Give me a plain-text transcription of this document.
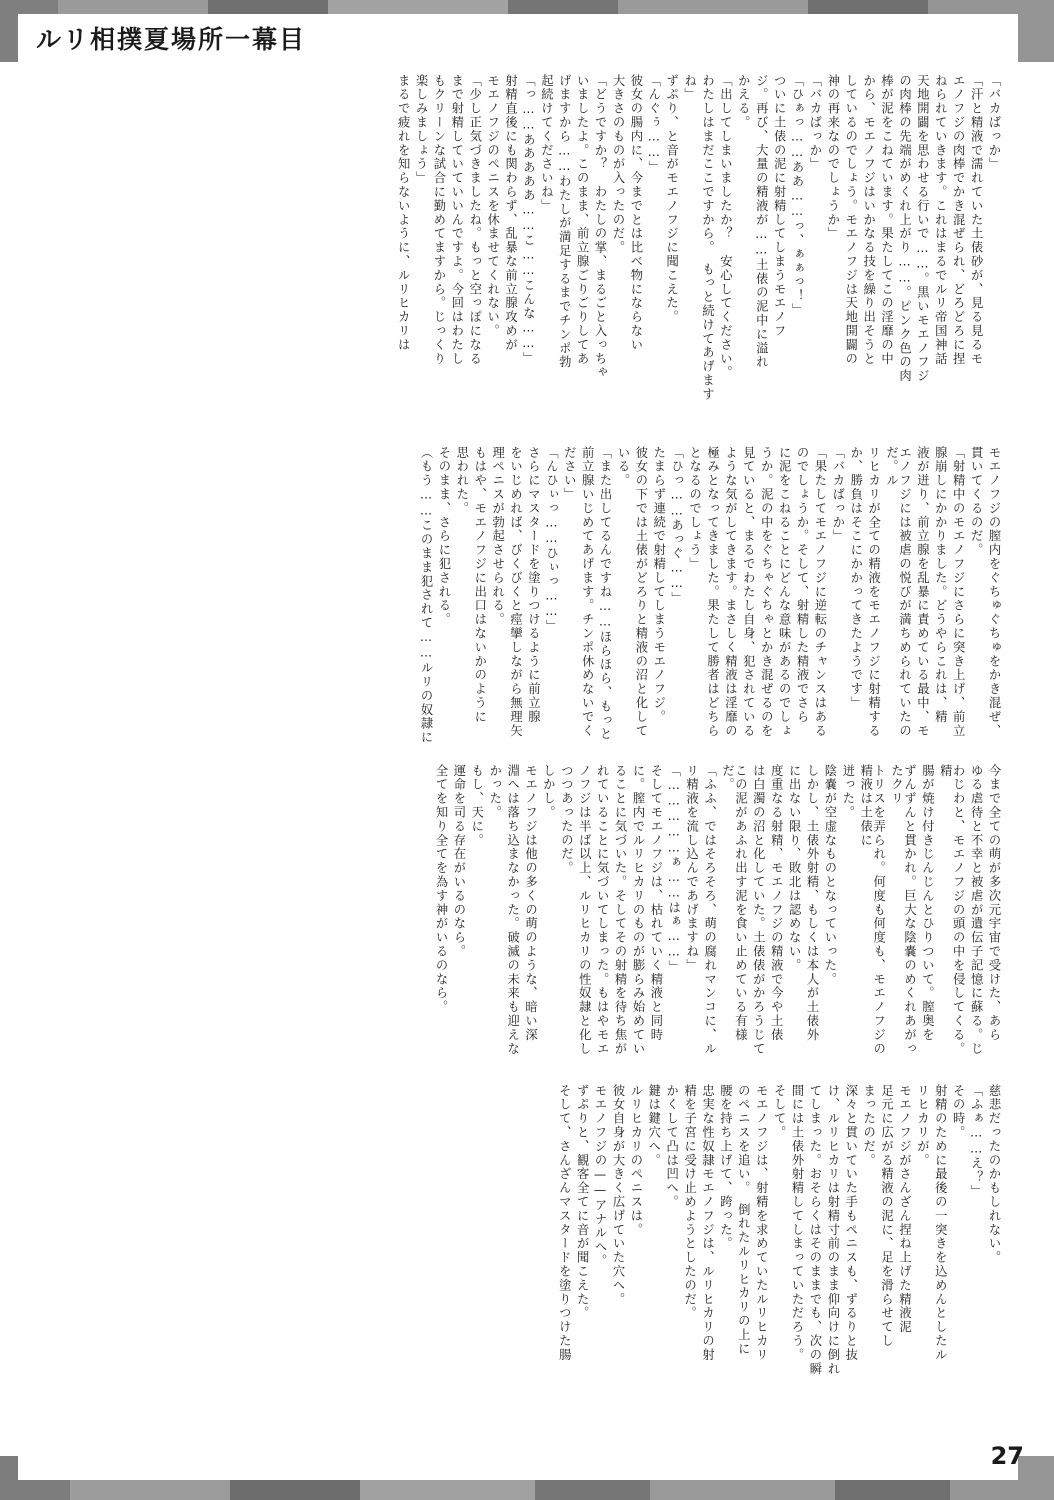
ルリ相撲夏場所一幕目
「バカばっか」
「汗と精液で濡れていた土俵砂が、見る見るモ
エノフジの肉棒でかき混ぜられ、どろどろに捏
ねられていきます。これはまるでルリ帝国神話
天地開闢を思わせる行いで……。黒いモエノフジ
の肉棒の先端がめくれ上がり……。ピンク色の肉
棒が泥をこねています。果たしてこの淫靡の中
から、モエノフジはいかなる技を繰り出そうと
しているのでしょう。モエノフジは天地開闢の
神の再来なのでしょうか」
「バカばっか」
「ひぁっ……ああ……っ、ぁぁっ！」
ついに土俵の泥に射精してしまうモエノフ
ジ。再び、大量の精液が……土俵の泥中に溢れ
かえる。
「出してしまいましたか？　安心してください。
わたしはまだここですから。　もっと続けてあげます
ね」
ずぷり、と音がモエノフジに聞こえた。
「んぐぅ……」
彼女の腸内に、今までとは比べ物にならない
大きさのものが入ったのだ。
「どうですか？　わたしの掌、まるごと入っちゃ
いましたよ。このまま、前立腺ごりごりしてあ
げますから……わたしが満足するまでチンポ勃
起続けてくださいね」
「っ……あああああ……こ……こんな……」
射精直後にも関わらず、乱暴な前立腺攻めが
モエノフジのペニスを休ませてくれない。
「少し正気づきましたね。もっと空っぽになる
まで射精していていいんですよ。今回はわたし
もクリーンな試合に勤めてますから。じっくり
楽しみましょう」
まるで疲れを知らないように、ルリヒカリは
モエノフジの膣内をぐちゅぐちゅをかき混ぜ、
貫いてくるのだ。
「射精中のモエノフジにさらに突き上げ、前立
腺崩しにかかりました。どうやらこれは、精
液が迸り、前立腺を乱暴に責めている最中、モ
エノフジには被虐の悦びが満ちめられていたのだ。ル
リヒカリが全ての精液をモエノフジに射精する
か、勝負はそこにかかってきたようです」
「バカばっか」
「果たしてモエノフジに逆転のチャンスはある
のでしょうか。そして、射精した精液でさら
に泥をこねることにどんな意味があるのでしょ
うか。泥の中をぐちゃぐちゃとかき混ぜるのを
見ていると、まるでわたし自身、犯されている
ような気がしてきます。まさしく精液は淫靡の
極みとなってきました。果たして勝者はどちら
となるのでしょう」
「ひっ……あっぐ……」
たまらず連続で射精してしまうモエノフジ。
彼女の下では土俵がどろりと精液の沼と化して
いる。
「また出してるんですね……ほらほら、もっと
前立腺いじめてあげます。チンポ休めないでく
ださい」
「んひぃっ……ひぃっ……」
さらにマスタードを塗りつけるように前立腺
をいじめれば、びくびくと痙攣しながら無理矢
理ペニスが勃起させられる。
もはや、モエノフジに出口はないかのように
思われた。
そのまま、さらに犯される。
（もう……このまま犯されて……ルリの奴隷に
今まで全ての萌が多次元宇宙で受けた、あら
ゆる虐待と不幸と被虐が遺伝子記憶に蘇る。じ
わじわと、モエノフジの頭の中を侵してくる。精
腸が焼け付きじんじんとひりついて。膣奥を
ずんずんと貫かれ。巨大な陰嚢のめくれあがったクリ
トリスを弄られ。何度も何度も、モエノフジの精液は土俵に
迸った。
陰嚢が空虚なものとなっていった。
しかし、土俵外射精、もしくは本人が土俵外
に出ない限り、敗北は認めない。
度重なる射精、モエノフジの精液で今や土俵
は白濁の沼と化していた。土俵俵がかろうじて
この泥があふれ出す泥を食い止めている有様だ。
「ふふ、ではそろそろ、萌の腐れマンコに、ル
リ精液を流し込んであげますね」
「……………ぁ……はぁ……」
そしてモエノフジは、枯れていく精液と同時
に。膣内でルリヒカリのものが膨らみ始めてい
ることに気づいた。そしてその射精を待ち焦が
れていることに気づいてしまった。もはやモエ
ノフジは半ば以上、ルリヒカリの性奴隷と化し
つつあったのだ。
しかし。
モエノフジは他の多くの萌のような、暗い深
淵へは落ち込まなかった。破滅の未来も迎えな
かった。
もし、天に。
運命を司る存在がいるのなら。
全てを知り全てを為す神がいるのなら。
慈悲だったのかもしれない。
「ふぁ……え？」
その時。
射精のために最後の一突きを込めんとしたル
リヒカリが。
モエノフジがさんざん捏ね上げた精液泥
足元に広がる精液の泥に、足を滑らせてし
まったのだ。
深々と貫いていた手もペニスも、ずるりと抜
け、ルリヒカリは射精寸前のまま仰向けに倒れ
てしまった。おそらくはそのままでも、次の瞬
間には土俵外射精してしまっていただろう。
そして。
モエノフジは、射精を求めていたルリヒカリ
のペニスを追い。　倒れたルリヒカリの上に
腰を持ち上げて、跨った。
忠実な性奴隷モエノフジは、ルリヒカリの射
精を子宮に受け止めようとしたのだ。
かくして凸は凹へ。
鍵は鍵穴へ。
ルリヒカリのペニスは。
彼女自身が大きく広げていた穴へ。
モエノフジの——アナルへ。
ずぷりと、観客全てに音が聞こえた。
そして、さんざんマスタードを塗りつけた腸
27
